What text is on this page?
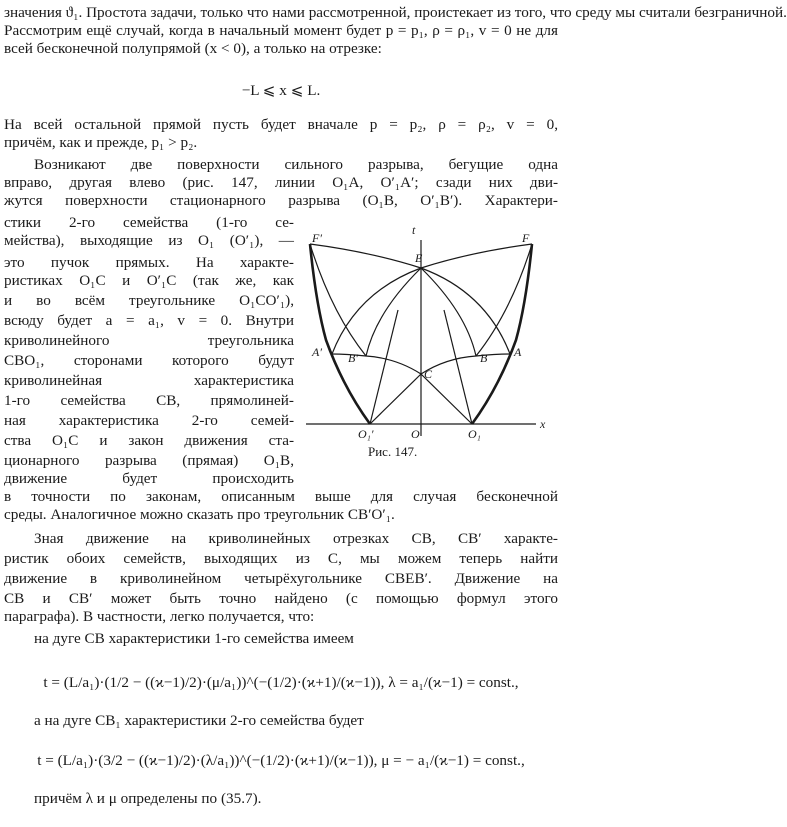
значения ϑ₁. Простота задачи, только что нами рассмотренной, проистекает из того, что среду мы считали безграничной.
Рассмотрим ещё случай, когда в начальный момент будет p = p₁, ρ = ρ₁, v = 0 не для
всей бесконечной полупрямой (x < 0), а только на отрезке:
−L ⩽ x ⩽ L.
На всей остальной прямой пусть будет вначале p = p₂, ρ = ρ₂, v = 0,
причём, как и прежде, p₁ > p₂.
Возникают две поверхности сильного разрыва, бегущие одна
вправо, другая влево (рис. 147, линии O₁A, O′₁A′; сзади них дви-
жутся поверхности стационарного разрыва (O₁B, O′₁B′). Характери-
стики 2-го семейства (1-го се-
мейства), выходящие из O₁ (O′₁), —
это пучок прямых. На характе-
ристиках O₁C и O′₁C (так же, как
и во всём треугольнике O₁CO′₁),
всюду будет a = a₁, v = 0. Внутри
криволинейного треугольника
CBO₁, сторонами которого будут
криволинейная характеристика
1-го семейства CB, прямолиней-
ная характеристика 2-го семей-
ства O₁C и закон движения ста-
ционарного разрыва (прямая) O₁B,
движение будет происходить
в точности по законам, описанным выше для случая бесконечной
среды. Аналогичное можно сказать про треугольник CB′O′₁.
Зная движение на криволинейных отрезках CB, CB′ характе-
ристик обоих семейств, выходящих из C, мы можем теперь найти
движение в криволинейном четырёхугольнике CBEB′. Движение на
CB и CB′ может быть точно найдено (с помощью формул этого
параграфа). В частности, легко получается, что:
на дуге CB характеристики 1-го семейства имеем
t = (L/a₁)·(1/2 − ((ϰ−1)/2)·(μ/a₁))^(−(1/2)·(ϰ+1)/(ϰ−1)), λ = a₁/(ϰ−1) = const.,
а на дуге CB₁ характеристики 2-го семейства будет
t = (L/a₁)·(3/2 − ((ϰ−1)/2)·(λ/a₁))^(−(1/2)·(ϰ+1)/(ϰ−1)), μ = − a₁/(ϰ−1) = const.,
причём λ и μ определены по (35.7).
t
x
F′	F
E
A′ B′	B A
C
O₁′	O	O₁
Рис. 147.
